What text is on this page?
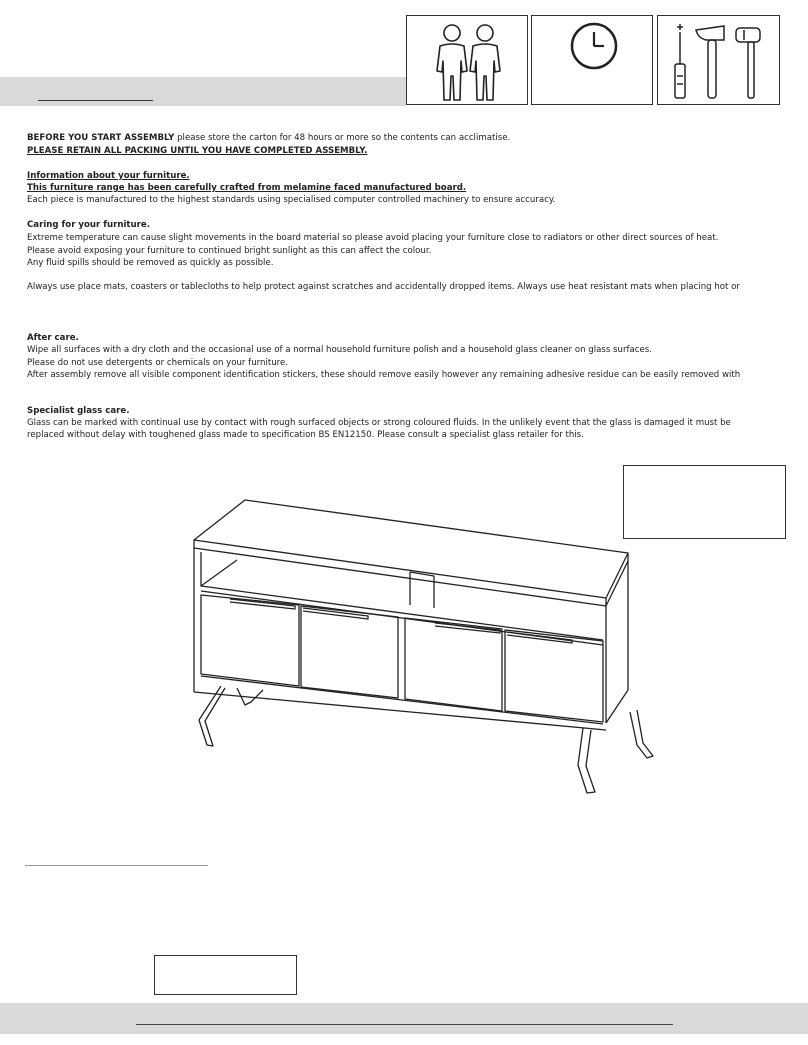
BEFORE YOU START ASSEMBLY please store the carton for 48 hours or more so the contents can acclimatise.
PLEASE RETAIN ALL PACKING UNTIL YOU HAVE COMPLETED ASSEMBLY.
Information about your furniture.
This furniture range has been carefully crafted from melamine faced manufactured board.
Each piece is manufactured to the highest standards using specialised computer controlled machinery to ensure accuracy.
Caring for your furniture.
Extreme temperature can cause slight movements in the board material so please avoid placing your furniture close to radiators or other direct sources of heat.
Please avoid exposing your furniture to continued bright sunlight as this can affect the colour.
Any fluid spills should be removed as quickly as possible.
Always use place mats, coasters or tablecloths to help protect against scratches and accidentally dropped items. Always use heat resistant mats when placing hot or
After care.
Wipe all surfaces with a dry cloth and the occasional use of a normal household furniture polish and a household glass cleaner on glass surfaces.
Please do not use detergents or chemicals on your furniture.
After assembly remove all visible component identification stickers, these should remove easily however any remaining adhesive residue can be easily removed with
Specialist glass care.
Glass can be marked with continual use by contact with rough surfaced objects or strong coloured fluids. In the unlikely event that the glass is damaged it must be
replaced without delay with toughened glass made to specification BS EN12150. Please consult a specialist glass retailer for this.
